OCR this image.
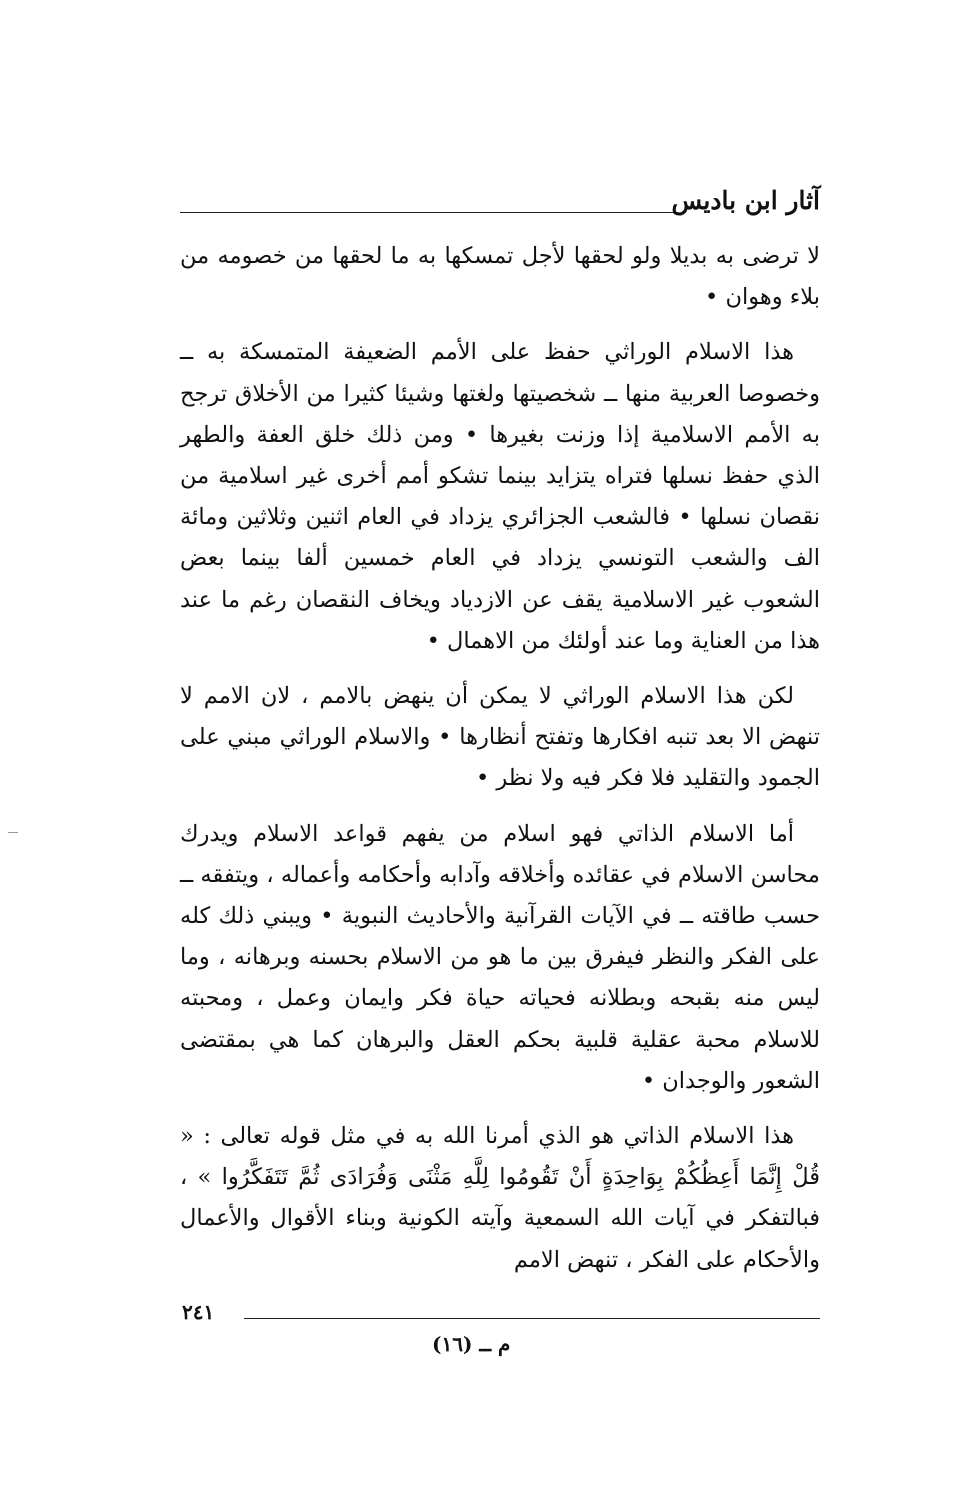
آثار ابن باديس

لا ترضى به بديلا ولو لحقها لأجل تمسكها به ما لحقها من خصومه من بلاء وهوان •

هذا الاسلام الوراثي حفظ على الأمم الضعيفة المتمسكة به ــ وخصوصا العربية منها ــ شخصيتها ولغتها وشيئا كثيرا من الأخلاق ترجح به الأمم الاسلامية إذا وزنت بغيرها • ومن ذلك خلق العفة والطهر الذي حفظ نسلها فتراه يتزايد بينما تشكو أمم أخرى غير اسلامية من نقصان نسلها • فالشعب الجزائري يزداد في العام اثنين وثلاثين ومائة الف والشعب التونسي يزداد في العام خمسين ألفا بينما بعض الشعوب غير الاسلامية يقف عن الازدياد ويخاف النقصان رغم ما عند هذا من العناية وما عند أولئك من الاهمال •

لكن هذا الاسلام الوراثي لا يمكن أن ينهض بالامم ، لان الامم لا تنهض الا بعد تنبه افكارها وتفتح أنظارها • والاسلام الوراثي مبني على الجمود والتقليد فلا فكر فيه ولا نظر •

أما الاسلام الذاتي فهو اسلام من يفهم قواعد الاسلام ويدرك محاسن الاسلام في عقائده وأخلاقه وآدابه وأحكامه وأعماله ، ويتفقه ــ حسب طاقته ــ في الآيات القرآنية والأحاديث النبوية • ويبني ذلك كله على الفكر والنظر فيفرق بين ما هو من الاسلام بحسنه وبرهانه ، وما ليس منه بقبحه وبطلانه فحياته حياة فكر وايمان وعمل ، ومحبته للاسلام محبة عقلية قلبية بحكم العقل والبرهان كما هي بمقتضى الشعور والوجدان •

هذا الاسلام الذاتي هو الذي أمرنا الله به في مثل قوله تعالى : « قُلْ إِنَّمَا أَعِظُكُمْ بِوَاحِدَةٍ أَنْ تَقُومُوا لِلَّهِ مَثْنَى وَفُرَادَى ثُمَّ تَتَفَكَّرُوا » ، فبالتفكر في آيات الله السمعية وآيته الكونية وبناء الأقوال والأعمال والأحكام على الفكر ، تنهض الامم

٢٤١
م ــ (١٦)
